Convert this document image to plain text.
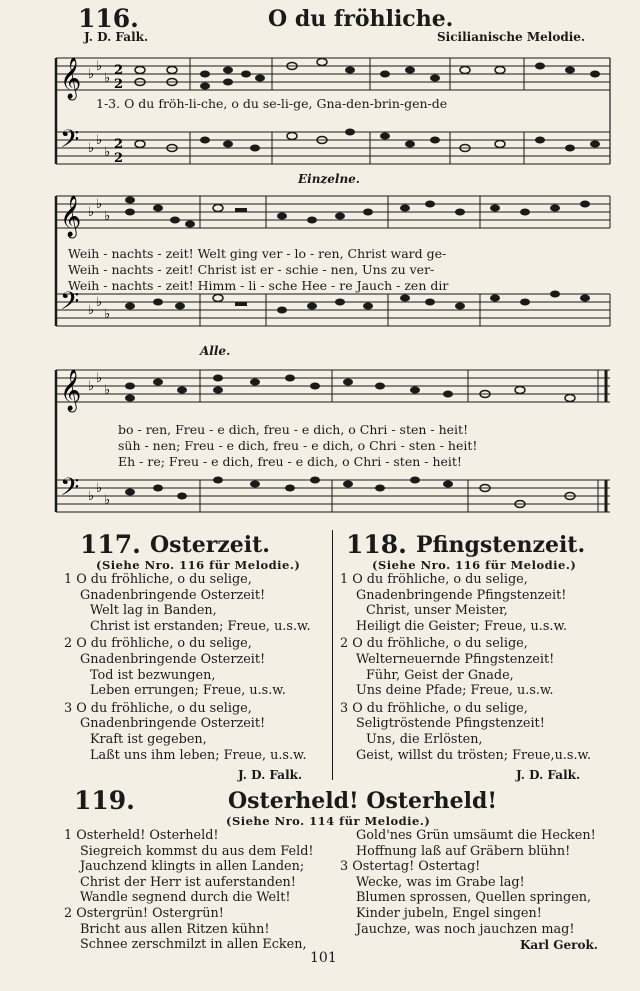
116.	O du fröhliche.
J. D. Falk.	Sicilianische Melodie.
𝄞
𝄢
♭
♭
♭
♭
♭
♭
2
2
2
2
1-3. O du fröh-li-che, o du se-li-ge, Gna-den-brin-gen-de
Einzelne.
𝄞
𝄢
♭
♭
♭
♭
♭
♭
Weih - nachts - zeit! Welt ging ver - lo - ren, Christ ward ge-
Weih - nachts - zeit! Christ ist er - schie - nen, Uns zu ver-
Weih - nachts - zeit! Himm - li - sche Hee - re Jauch - zen dir
Alle.
𝄞
𝄢
♭
♭
♭
♭
♭
♭
bo - ren, Freu - e dich, freu - e dich, o Chri - sten - heit!
süh - nen; Freu - e dich, freu - e dich, o Chri - sten - heit!
Eh - re; Freu - e dich, freu - e dich, o Chri - sten - heit!
117. Osterzeit.
(Siehe Nro. 116 für Melodie.)
1 O du fröhliche, o du selige,
Gnadenbringende Osterzeit!
Welt lag in Banden,
Christ ist erstanden; Freue, u.s.w.
2 O du fröhliche, o du selige,
Gnadenbringende Osterzeit!
Tod ist bezwungen,
Leben errungen; Freue, u.s.w.
3 O du fröhliche, o du selige,
Gnadenbringende Osterzeit!
Kraft ist gegeben,
Laßt uns ihm leben; Freue, u.s.w.
J. D. Falk.
118. Pfingstenzeit.
(Siehe Nro. 116 für Melodie.)
1 O du fröhliche, o du selige,
Gnadenbringende Pfingstenzeit!
Christ, unser Meister,
Heiligt die Geister; Freue, u.s.w.
2 O du fröhliche, o du selige,
Welterneuernde Pfingstenzeit!
Führ, Geist der Gnade,
Uns deine Pfade; Freue, u.s.w.
3 O du fröhliche, o du selige,
Seligtröstende Pfingstenzeit!
Uns, die Erlösten,
Geist, willst du trösten; Freue,u.s.w.
J. D. Falk.
119.	Osterheld! Osterheld!
(Siehe Nro. 114 für Melodie.)
1 Osterheld! Osterheld!
Siegreich kommst du aus dem Feld!
Jauchzend klingts in allen Landen;
Christ der Herr ist auferstanden!
Wandle segnend durch die Welt!
2 Ostergrün! Ostergrün!
Bricht aus allen Ritzen kühn!
Schnee zerschmilzt in allen Ecken,
Gold'nes Grün umsäumt die Hecken!
Hoffnung laß auf Gräbern blühn!
3 Ostertag! Ostertag!
Wecke, was im Grabe lag!
Blumen sprossen, Quellen springen,
Kinder jubeln, Engel singen!
Jauchze, was noch jauchzen mag!
Karl Gerok.
101
